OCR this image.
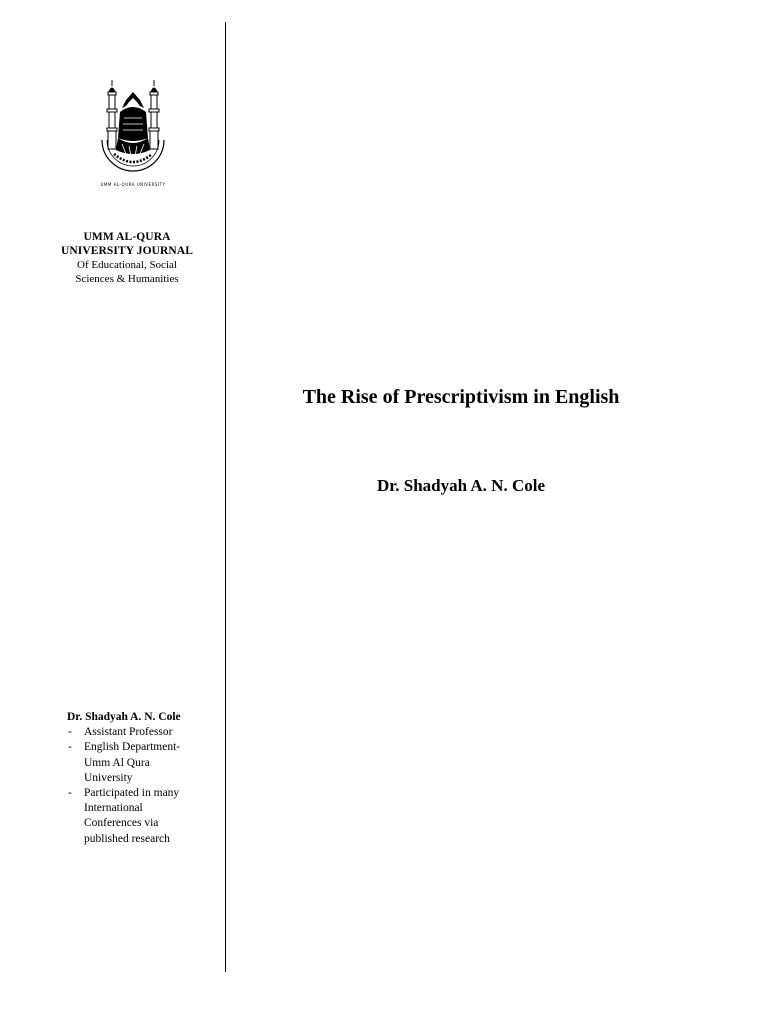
UMM AL-QURA UNIVERSITY
UMM AL-QURA
UNIVERSITY JOURNAL
Of Educational, Social
Sciences & Humanities
The Rise of Prescriptivism in English
Dr. Shadyah A. N. Cole
Dr. Shadyah A. N. Cole
- Assistant Professor
- English Department-
Umm Al Qura
University
- Participated in many
International
Conferences via
published research
